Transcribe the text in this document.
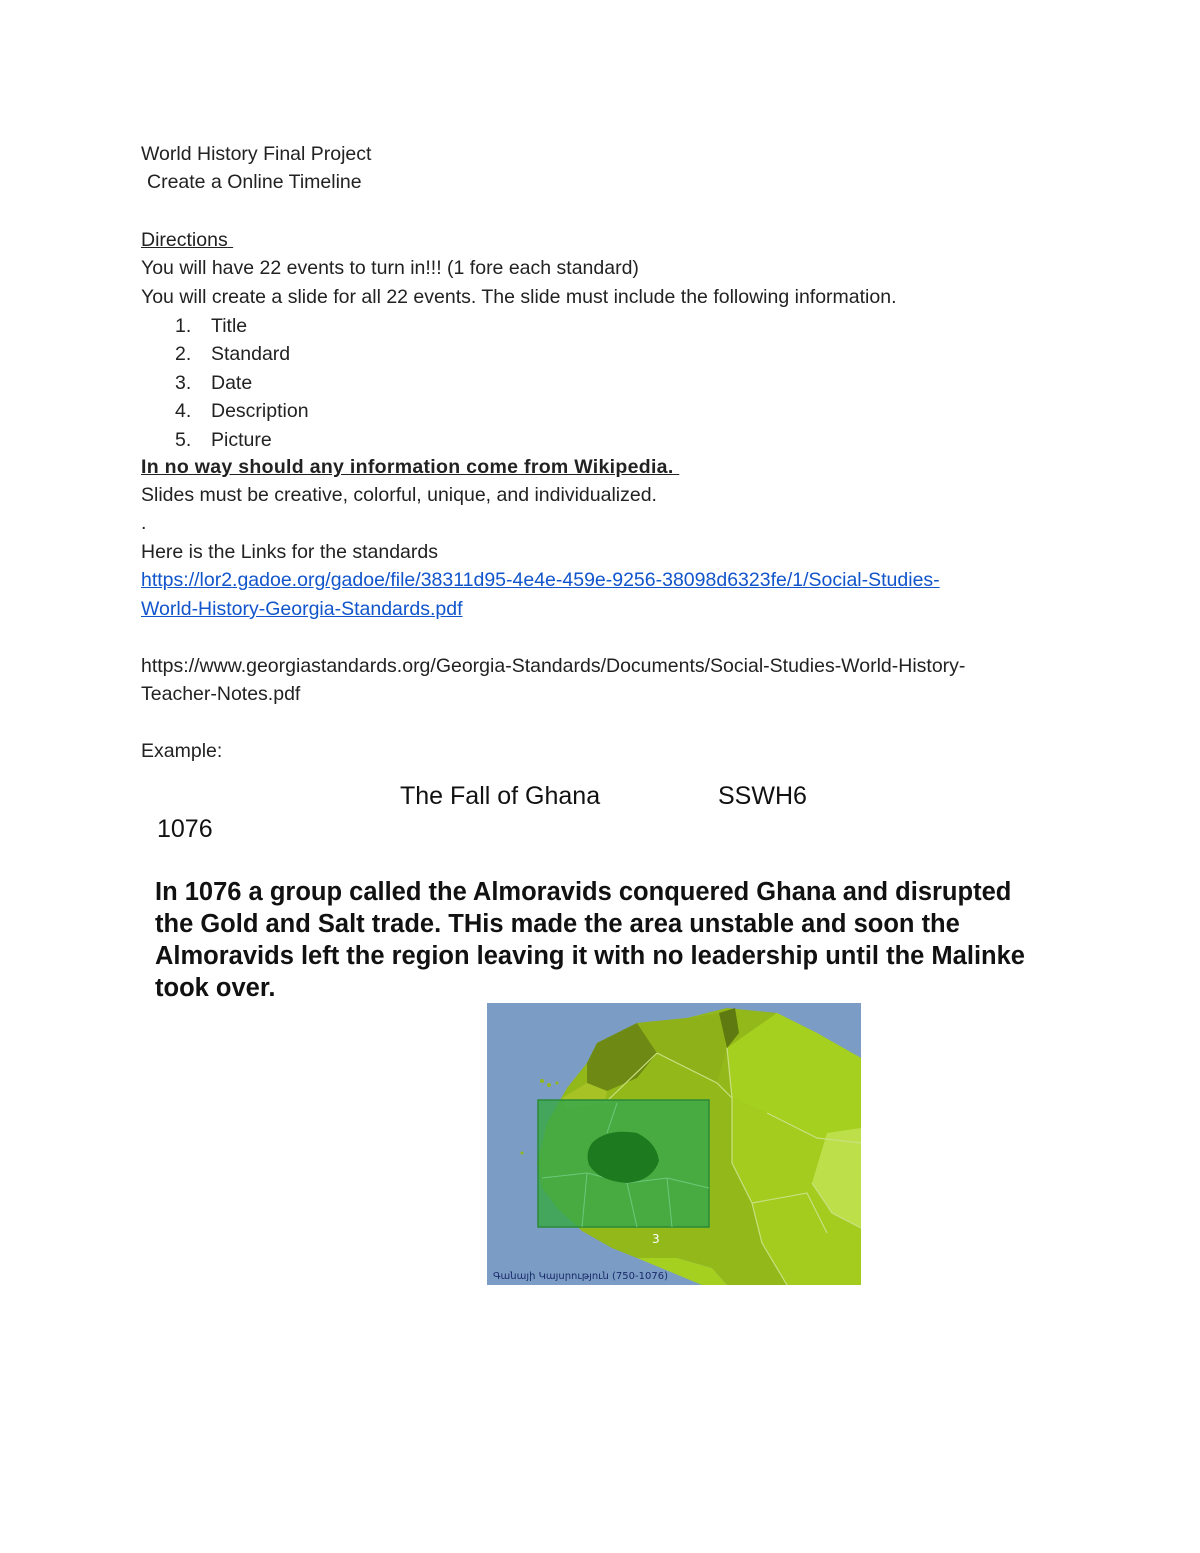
World History Final Project
Create a Online Timeline
Directions
You will have 22 events to turn in!!! (1 fore each standard)
You will create a slide for all 22 events. The slide must include the following information.
1. Title
2. Standard
3. Date
4. Description
5. Picture
In no way should any information come from Wikipedia.
Slides must be creative, colorful, unique, and individualized.
.
Here is the Links for the standards
https://lor2.gadoe.org/gadoe/file/38311d95-4e4e-459e-9256-38098d6323fe/1/Social-Studies-
World-History-Georgia-Standards.pdf
https://www.georgiastandards.org/Georgia-Standards/Documents/Social-Studies-World-History-
Teacher-Notes.pdf
Example:
The Fall of Ghana	SSWH6
1076
In 1076 a group called the Almoravids conquered Ghana and disrupted the Gold and Salt trade. THis made the area unstable and soon the Almoravids left the region leaving it with no leadership until the Malinke took over.
3
Գանայի Կայսրություն (750-1076)
